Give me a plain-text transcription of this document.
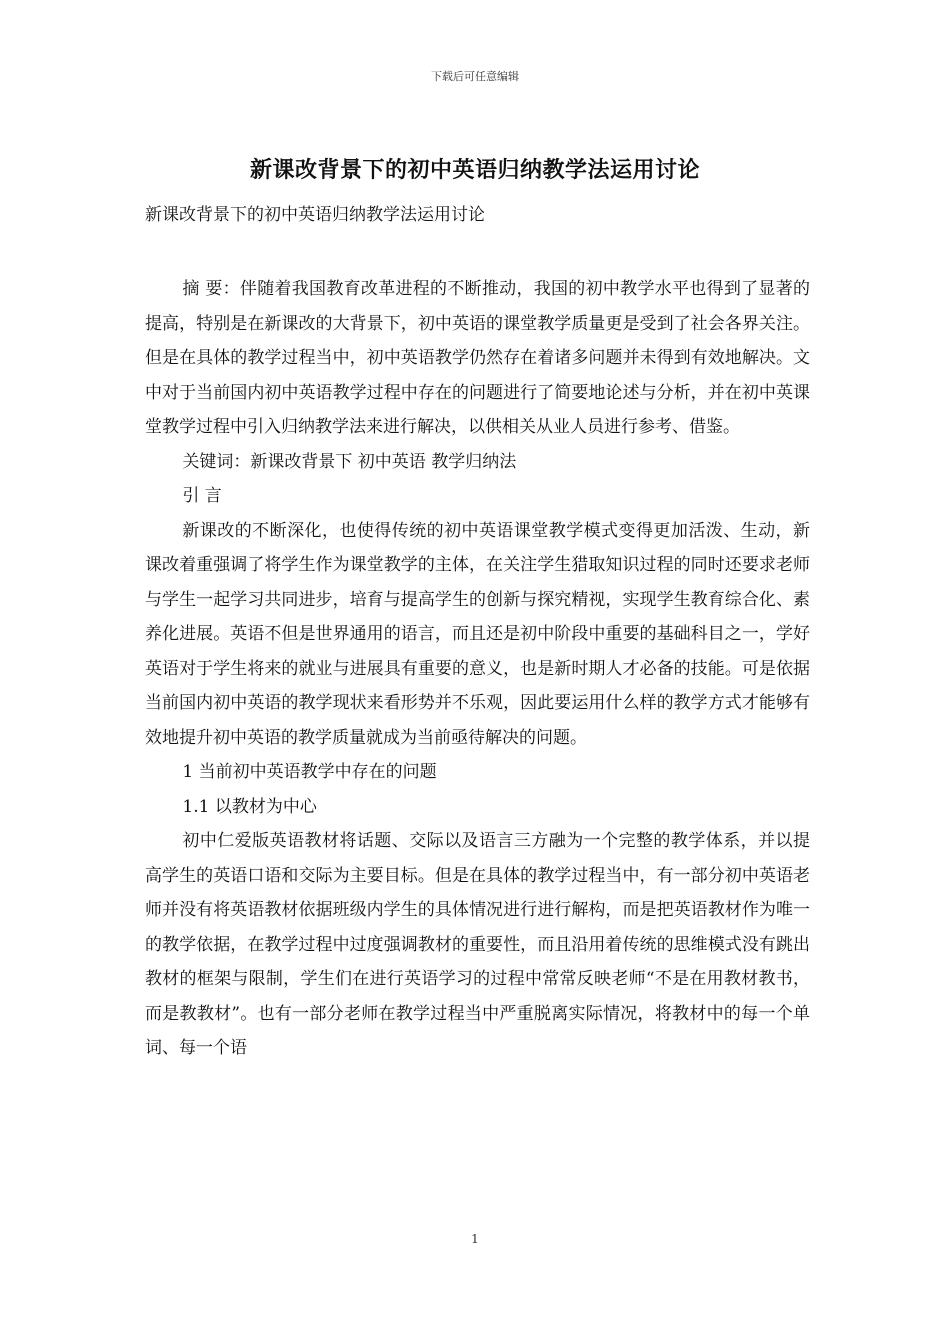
下载后可任意编辑
新课改背景下的初中英语归纳教学法运用讨论
新课改背景下的初中英语归纳教学法运用讨论

摘 要：伴随着我国教育改革进程的不断推动，我国的初中教学水平也得到了显著的提高，特别是在新课改的大背景下，初中英语的课堂教学质量更是受到了社会各界关注。但是在具体的教学过程当中，初中英语教学仍然存在着诸多问题并未得到有效地解决。文中对于当前国内初中英语教学过程中存在的问题进行了简要地论述与分析，并在初中英课堂教学过程中引入归纳教学法来进行解决，以供相关从业人员进行参考、借鉴。

关键词：新课改背景下 初中英语 教学归纳法

引 言

新课改的不断深化，也使得传统的初中英语课堂教学模式变得更加活泼、生动，新课改着重强调了将学生作为课堂教学的主体，在关注学生猎取知识过程的同时还要求老师与学生一起学习共同进步，培育与提高学生的创新与探究精视，实现学生教育综合化、素养化进展。英语不但是世界通用的语言，而且还是初中阶段中重要的基础科目之一，学好英语对于学生将来的就业与进展具有重要的意义，也是新时期人才必备的技能。可是依据当前国内初中英语的教学现状来看形势并不乐观，因此要运用什么样的教学方式才能够有效地提升初中英语的教学质量就成为当前亟待解决的问题。

1 当前初中英语教学中存在的问题

1.1 以教材为中心

初中仁爱版英语教材将话题、交际以及语言三方融为一个完整的教学体系，并以提高学生的英语口语和交际为主要目标。但是在具体的教学过程当中，有一部分初中英语老师并没有将英语教材依据班级内学生的具体情况进行进行解构，而是把英语教材作为唯一的教学依据，在教学过程中过度强调教材的重要性，而且沿用着传统的思维模式没有跳出教材的框架与限制，学生们在进行英语学习的过程中常常反映老师“不是在用教材教书，而是教教材”。也有一部分老师在教学过程当中严重脱离实际情况，将教材中的每一个单词、每一个语

1
